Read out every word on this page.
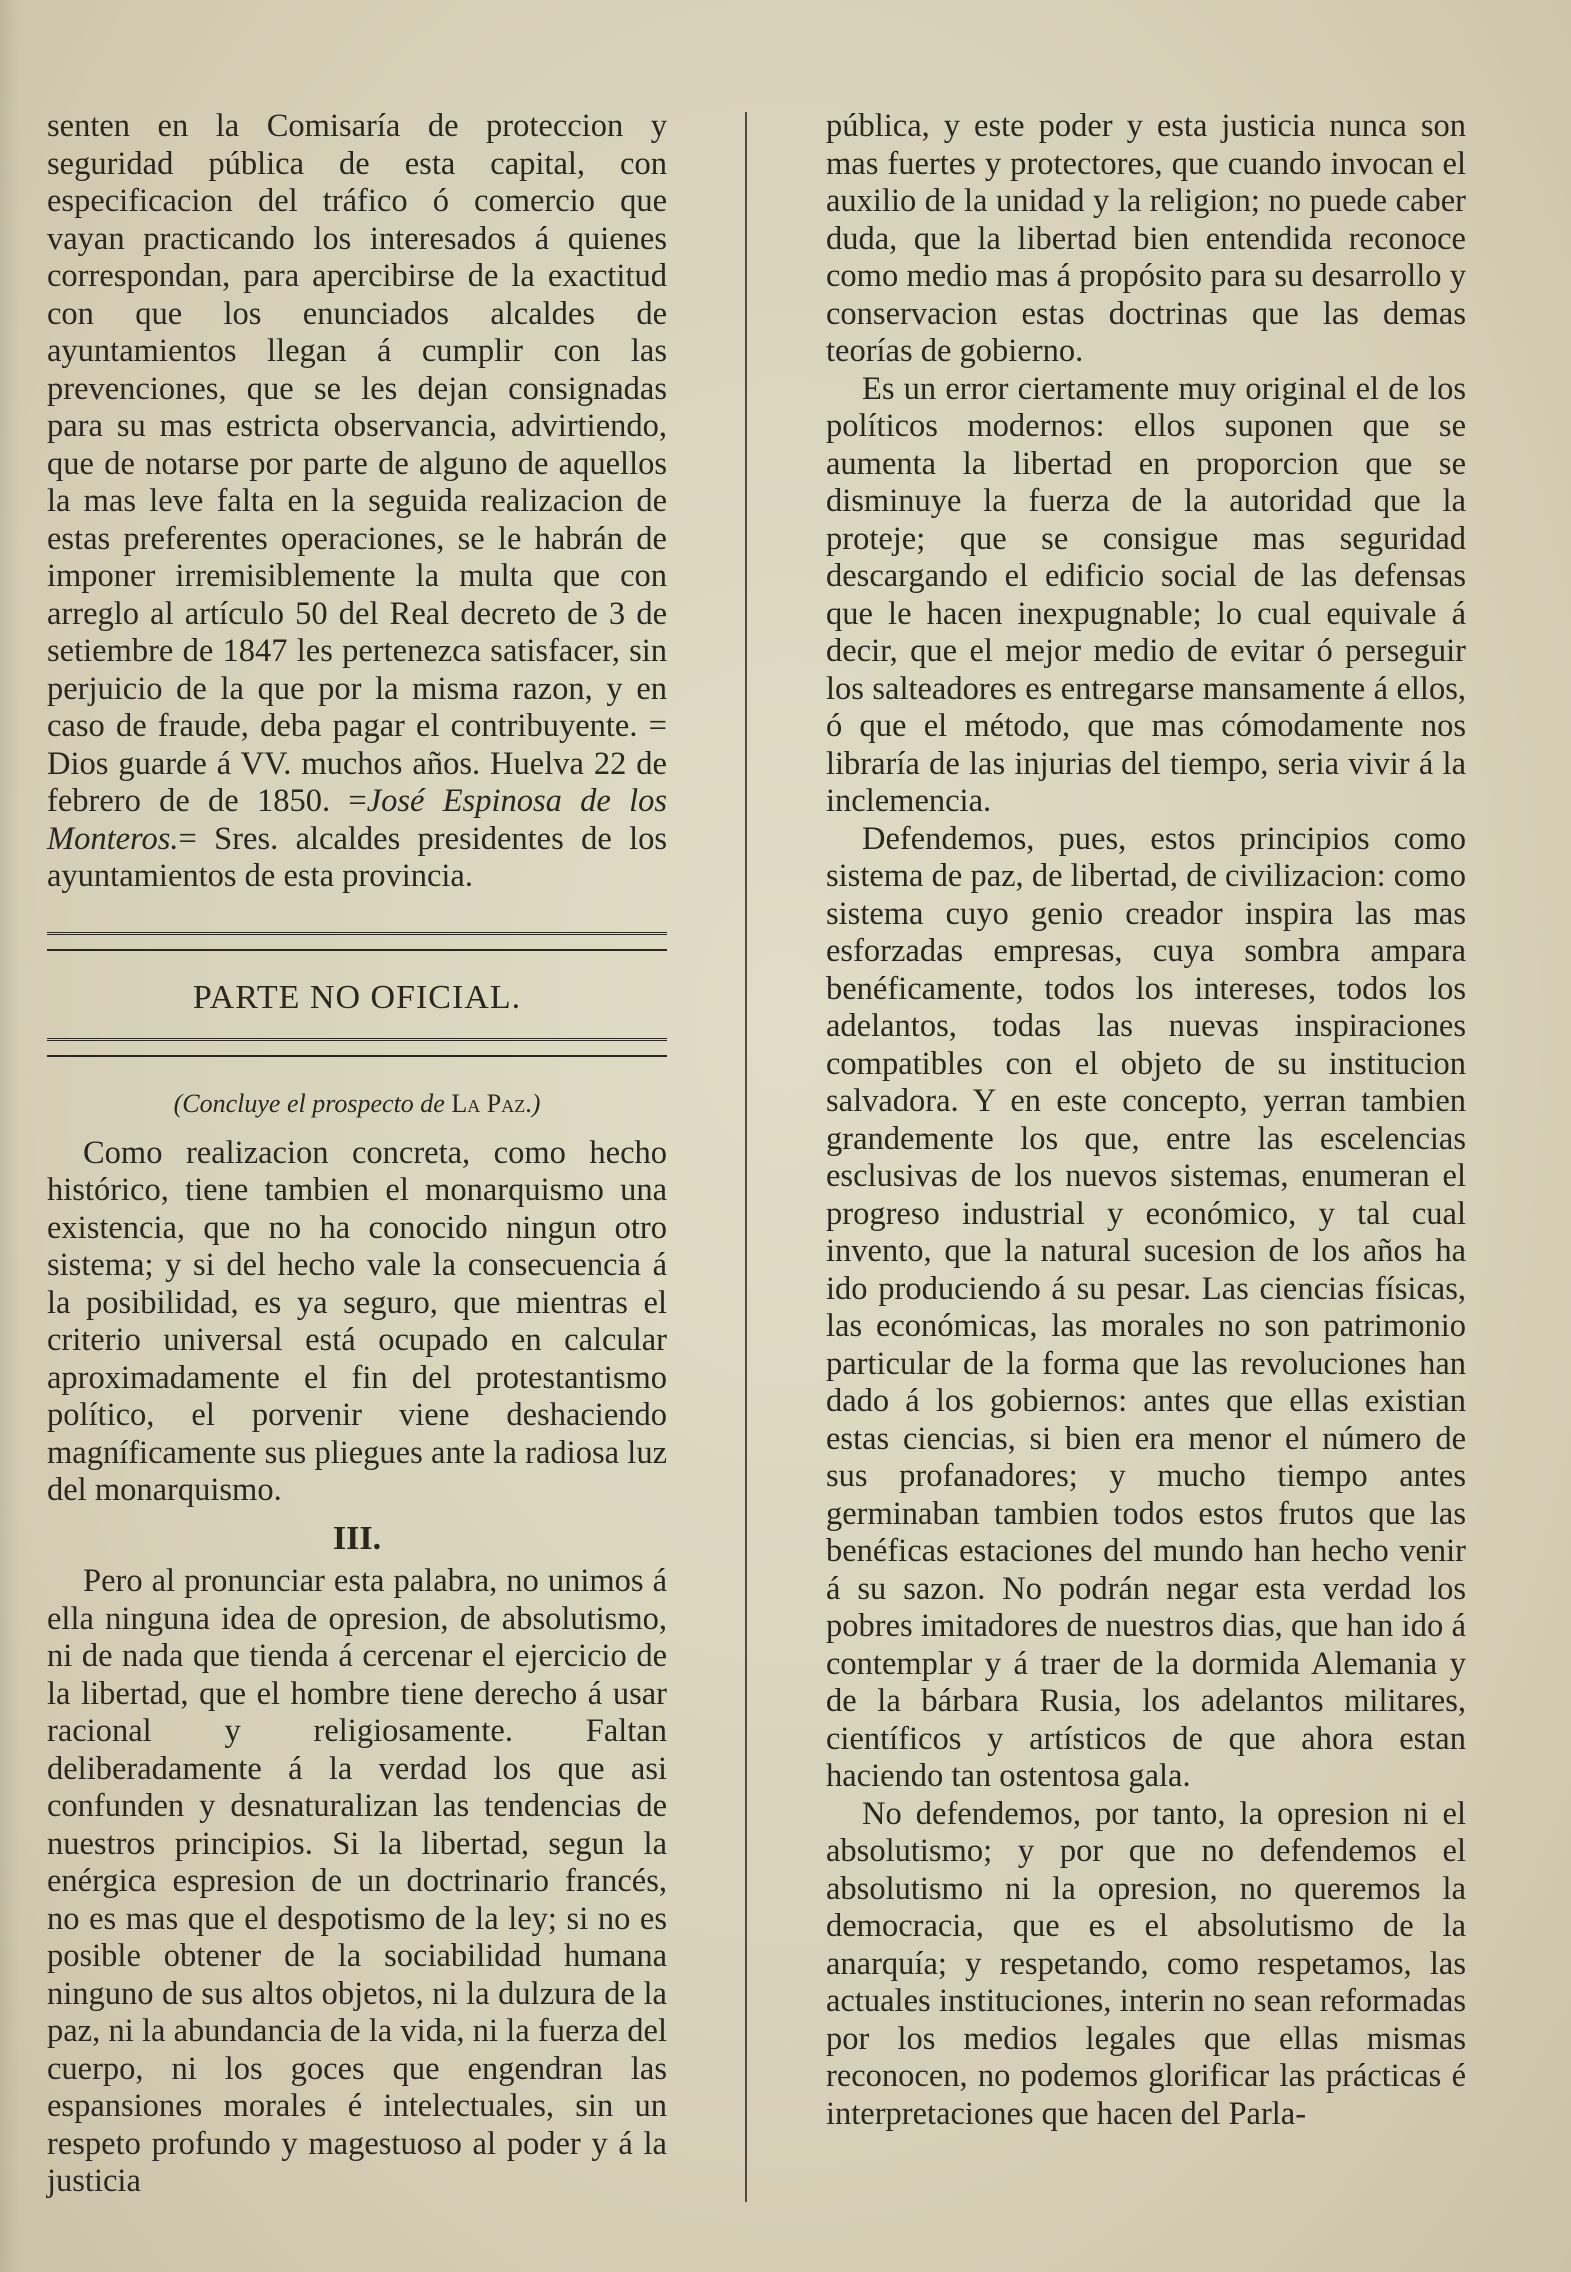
senten en la Comisaría de proteccion y seguridad pública de esta capital, con especificacion del tráfico ó comercio que vayan practicando los interesados á quienes correspondan, para apercibirse de la exactitud con que los enunciados alcaldes de ayuntamientos llegan á cumplir con las prevenciones, que se les dejan consignadas para su mas estricta observancia, advirtiendo, que de notarse por parte de alguno de aquellos la mas leve falta en la seguida realizacion de estas preferentes operaciones, se le habrán de imponer irremisiblemente la multa que con arreglo al artículo 50 del Real decreto de 3 de setiembre de 1847 les pertenezca satisfacer, sin perjuicio de la que por la misma razon, y en caso de fraude, deba pagar el contribuyente. = Dios guarde á VV. muchos años. Huelva 22 de febrero de de 1850. =José Espinosa de los Monteros.= Sres. alcaldes presidentes de los ayuntamientos de esta provincia.

PARTE NO OFICIAL.
(Concluye el prospecto de La Paz.)

Como realizacion concreta, como hecho histórico, tiene tambien el monarquismo una existencia, que no ha conocido ningun otro sistema; y si del hecho vale la consecuencia á la posibilidad, es ya seguro, que mientras el criterio universal está ocupado en calcular aproximadamente el fin del protestantismo político, el porvenir viene deshaciendo magníficamente sus pliegues ante la radiosa luz del monarquismo.

III.

Pero al pronunciar esta palabra, no unimos á ella ninguna idea de opresion, de absolutismo, ni de nada que tienda á cercenar el ejercicio de la libertad, que el hombre tiene derecho á usar racional y religiosamente. Faltan deliberadamente á la verdad los que asi confunden y desnaturalizan las tendencias de nuestros principios. Si la libertad, segun la enérgica espresion de un doctrinario francés, no es mas que el despotismo de la ley; si no es posible obtener de la sociabilidad humana ninguno de sus altos objetos, ni la dulzura de la paz, ni la abundancia de la vida, ni la fuerza del cuerpo, ni los goces que engendran las espansiones morales é intelectuales, sin un respeto profundo y magestuoso al poder y á la justicia

pública, y este poder y esta justicia nunca son mas fuertes y protectores, que cuando invocan el auxilio de la unidad y la religion; no puede caber duda, que la libertad bien entendida reconoce como medio mas á propósito para su desarrollo y conservacion estas doctrinas que las demas teorías de gobierno.

Es un error ciertamente muy original el de los políticos modernos: ellos suponen que se aumenta la libertad en proporcion que se disminuye la fuerza de la autoridad que la proteje; que se consigue mas seguridad descargando el edificio social de las defensas que le hacen inexpugnable; lo cual equivale á decir, que el mejor medio de evitar ó perseguir los salteadores es entregarse mansamente á ellos, ó que el método, que mas cómodamente nos libraría de las injurias del tiempo, seria vivir á la inclemencia.

Defendemos, pues, estos principios como sistema de paz, de libertad, de civilizacion: como sistema cuyo genio creador inspira las mas esforzadas empresas, cuya sombra ampara benéficamente, todos los intereses, todos los adelantos, todas las nuevas inspiraciones compatibles con el objeto de su institucion salvadora. Y en este concepto, yerran tambien grandemente los que, entre las escelencias esclusivas de los nuevos sistemas, enumeran el progreso industrial y económico, y tal cual invento, que la natural sucesion de los años ha ido produciendo á su pesar. Las ciencias físicas, las económicas, las morales no son patrimonio particular de la forma que las revoluciones han dado á los gobiernos: antes que ellas existian estas ciencias, si bien era menor el número de sus profanadores; y mucho tiempo antes germinaban tambien todos estos frutos que las benéficas estaciones del mundo han hecho venir á su sazon. No podrán negar esta verdad los pobres imitadores de nuestros dias, que han ido á contemplar y á traer de la dormida Alemania y de la bárbara Rusia, los adelantos militares, científicos y artísticos de que ahora estan haciendo tan ostentosa gala.

No defendemos, por tanto, la opresion ni el absolutismo; y por que no defendemos el absolutismo ni la opresion, no queremos la democracia, que es el absolutismo de la anarquía; y respetando, como respetamos, las actuales instituciones, interin no sean reformadas por los medios legales que ellas mismas reconocen, no podemos glorificar las prácticas é interpretaciones que hacen del Parla-
